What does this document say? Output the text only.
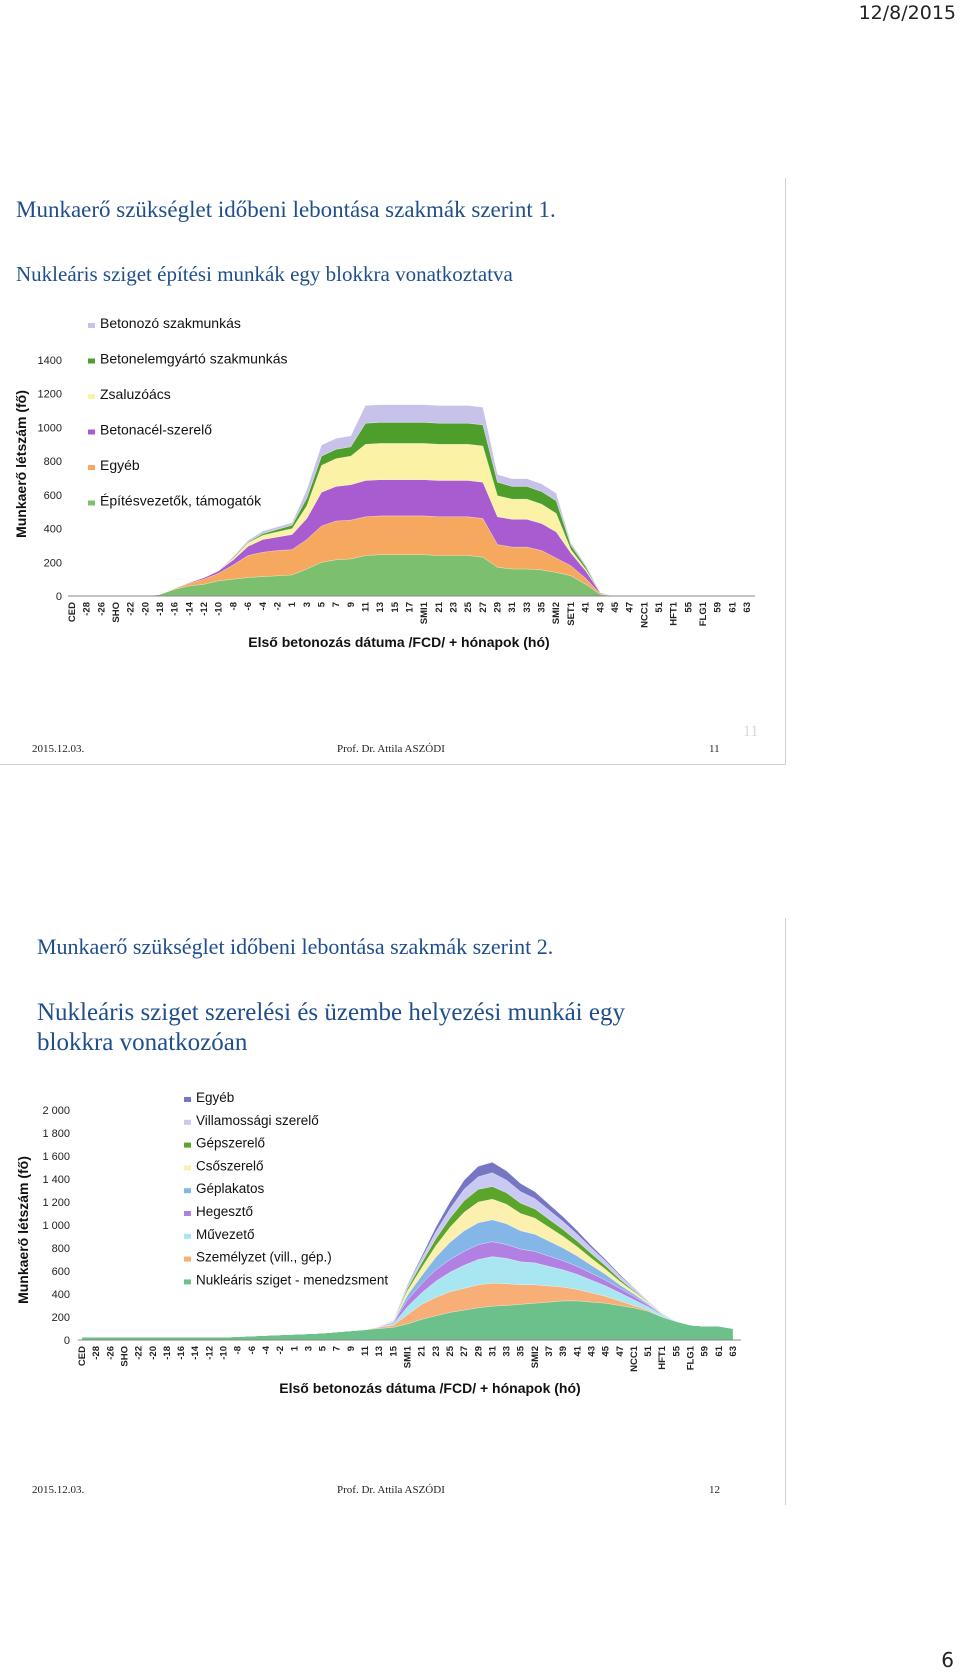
12/8/2015
Munkaerő szükséglet időbeni lebontása szakmák szerint 1.
Nukleáris sziget építési munkák egy blokkra vonatkoztatva
0
200
400
600
800
1000
1200
1400
CED -28 -26 SHO -22 -20 -18 -16 -14 -12 -10 -8 -6 -4 -2 1 3 5 7 9 11 13 15 17 SMI1 21 23 25 27 29 31 33 35 SMI2 SET1 41 43 45 47 NCC1 51 HFT1 55 FLG1 59 61 63
Munkaerő létszám (fő)
Első betonozás dátuma /FCD/ + hónapok (hó)
Betonozó szakmunkás
Betonelemgyártó szakmunkás
Zsaluzóács
Betonacél-szerelő
Egyéb
Építésvezetők, támogatók
2015.12.03.	Prof. Dr. Attila ASZÓDI	11
11
Munkaerő szükséglet időbeni lebontása szakmák szerint 2.
Nukleáris sziget szerelési és üzembe helyezési munkái egy blokkra vonatkozóan
0
200
400
600
800
1 000
1 200
1 400
1 600
1 800
2 000
CED -28 -26 SHO -22 -20 -18 -16 -14 -12 -10 -8 -6 -4 -2 1 3 5 7 9 11 13 15 SMI1 21 23 25 27 29 31 33 35 SMI2 37 39 41 43 45 47 NCC1 51 HFT1 55 FLG1 59 61 63
Munkaerő létszám (fő)
Első betonozás dátuma /FCD/ + hónapok (hó)
Egyéb
Villamossági szerelő
Gépszerelő
Csőszerelő
Géplakatos
Hegesztő
Művezető
Személyzet (vill., gép.)
Nukleáris sziget - menedzsment
2015.12.03.	Prof. Dr. Attila ASZÓDI	12
6
